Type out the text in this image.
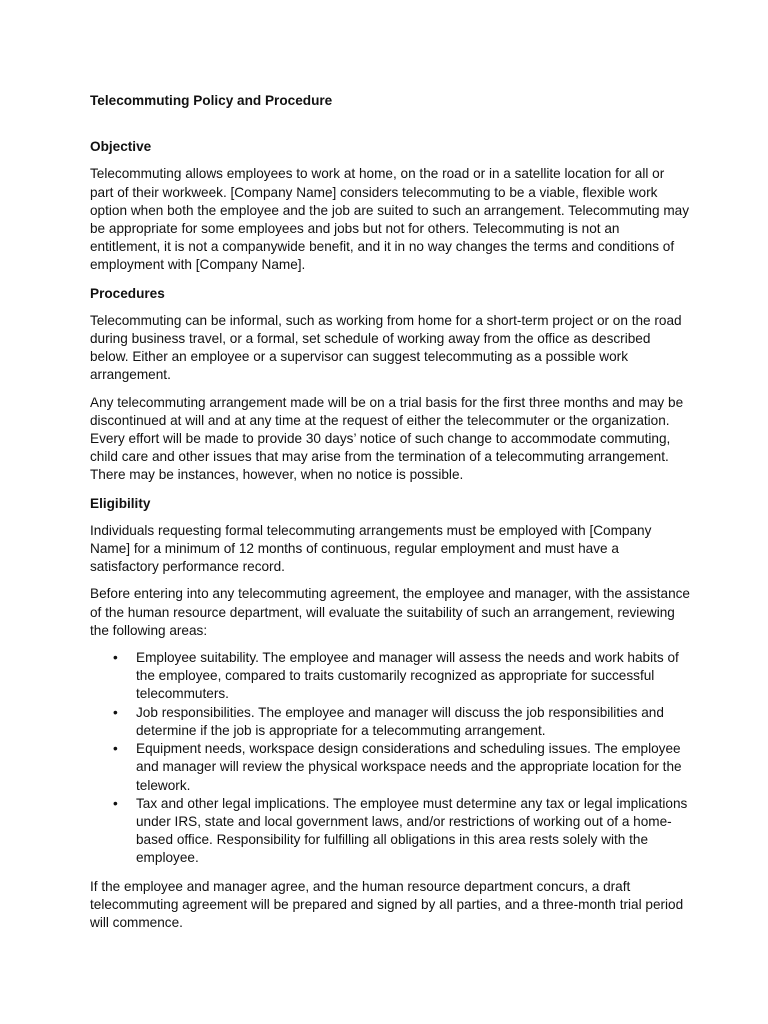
Telecommuting Policy and Procedure
Objective

Telecommuting allows employees to work at home, on the road or in a satellite location for all or part of their workweek. [Company Name] considers telecommuting to be a viable, flexible work option when both the employee and the job are suited to such an arrangement. Telecommuting may be appropriate for some employees and jobs but not for others. Telecommuting is not an entitlement, it is not a companywide benefit, and it in no way changes the terms and conditions of employment with [Company Name].

Procedures

Telecommuting can be informal, such as working from home for a short-term project or on the road during business travel, or a formal, set schedule of working away from the office as described below. Either an employee or a supervisor can suggest telecommuting as a possible work arrangement.

Any telecommuting arrangement made will be on a trial basis for the first three months and may be discontinued at will and at any time at the request of either the telecommuter or the organization. Every effort will be made to provide 30 days’ notice of such change to accommodate commuting, child care and other issues that may arise from the termination of a telecommuting arrangement. There may be instances, however, when no notice is possible.

Eligibility

Individuals requesting formal telecommuting arrangements must be employed with [Company Name] for a minimum of 12 months of continuous, regular employment and must have a satisfactory performance record.

Before entering into any telecommuting agreement, the employee and manager, with the assistance of the human resource department, will evaluate the suitability of such an arrangement, reviewing the following areas:

• Employee suitability. The employee and manager will assess the needs and work habits of the employee, compared to traits customarily recognized as appropriate for successful telecommuters.
• Job responsibilities. The employee and manager will discuss the job responsibilities and determine if the job is appropriate for a telecommuting arrangement.
• Equipment needs, workspace design considerations and scheduling issues. The employee and manager will review the physical workspace needs and the appropriate location for the telework.
• Tax and other legal implications. The employee must determine any tax or legal implications under IRS, state and local government laws, and/or restrictions of working out of a home-based office. Responsibility for fulfilling all obligations in this area rests solely with the employee.

If the employee and manager agree, and the human resource department concurs, a draft telecommuting agreement will be prepared and signed by all parties, and a three-month trial period will commence.
